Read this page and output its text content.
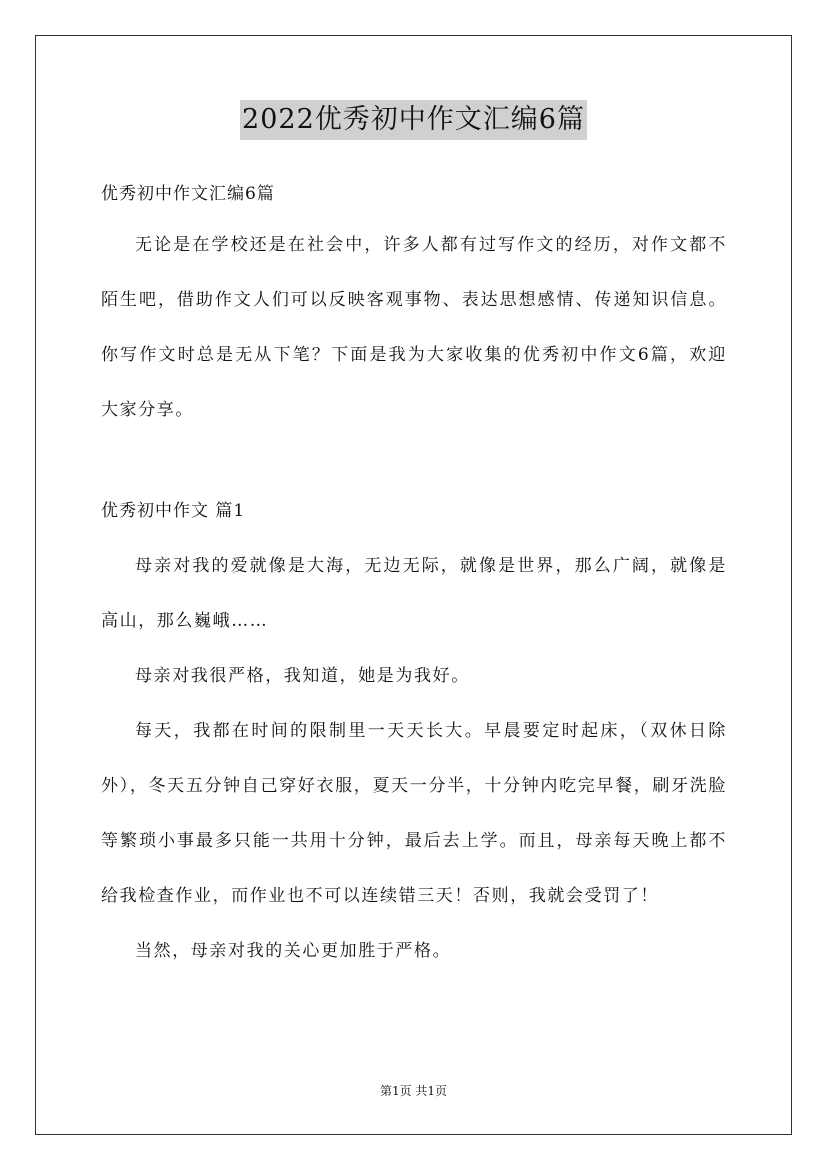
2022优秀初中作文汇编6篇

优秀初中作文汇编6篇

无论是在学校还是在社会中，许多人都有过写作文的经历，对作文都不陌生吧，借助作文人们可以反映客观事物、表达思想感情、传递知识信息。你写作文时总是无从下笔？下面是我为大家收集的优秀初中作文6篇，欢迎大家分享。

优秀初中作文 篇1

母亲对我的爱就像是大海，无边无际，就像是世界，那么广阔，就像是高山，那么巍峨……

母亲对我很严格，我知道，她是为我好。

每天，我都在时间的限制里一天天长大。早晨要定时起床，（双休日除外），冬天五分钟自己穿好衣服，夏天一分半，十分钟内吃完早餐，刷牙洗脸等繁琐小事最多只能一共用十分钟，最后去上学。而且，母亲每天晚上都不给我检查作业，而作业也不可以连续错三天！否则，我就会受罚了！

当然，母亲对我的关心更加胜于严格。

第1页 共1页
